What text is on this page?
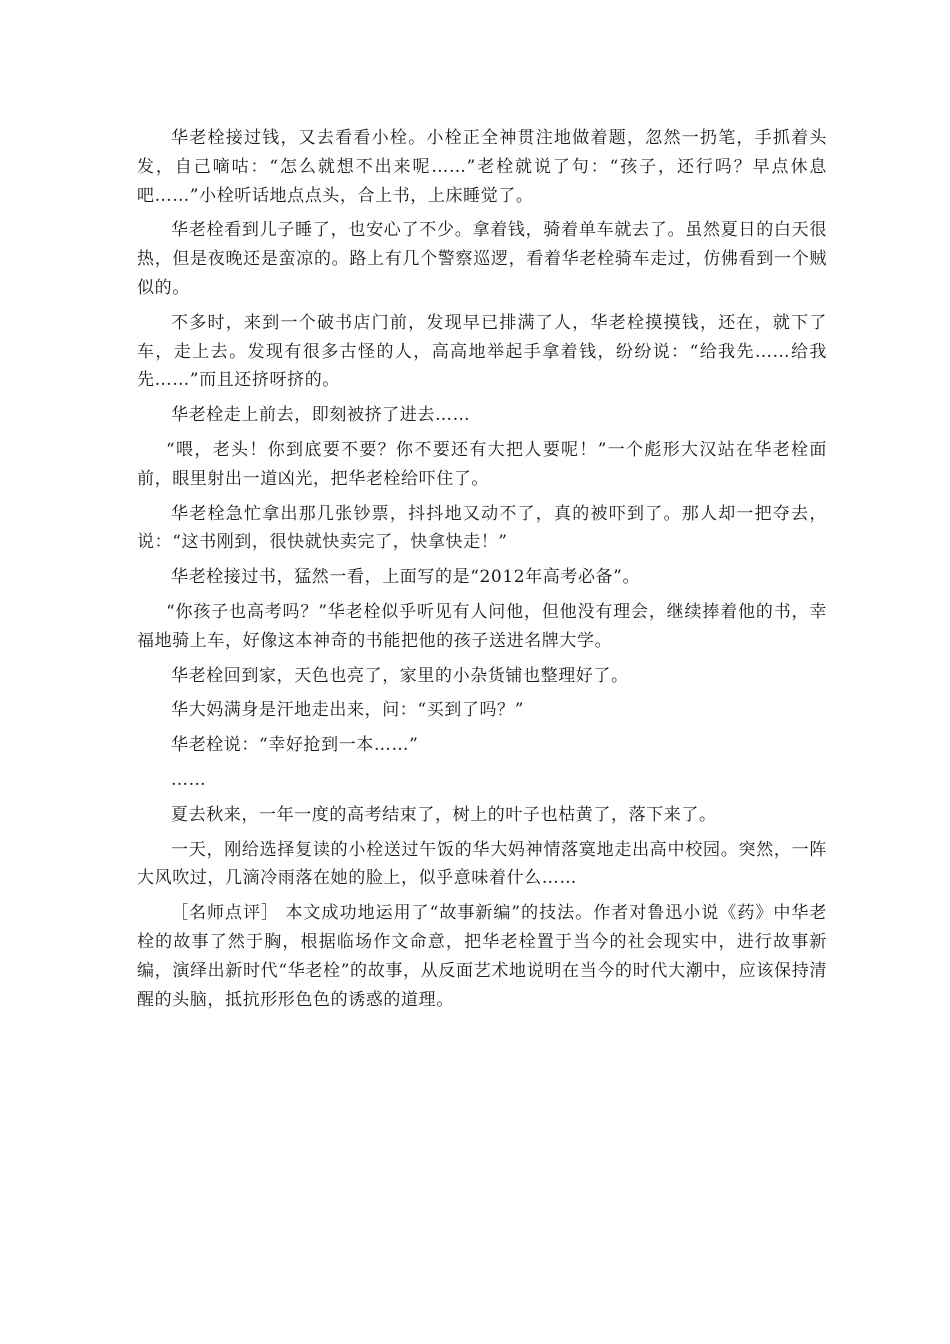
华老栓接过钱，又去看看小栓。小栓正全神贯注地做着题，忽然一扔笔，手抓着头发，自己嘀咕：“怎么就想不出来呢……”老栓就说了句：“孩子，还行吗？早点休息吧……”小栓听话地点点头，合上书，上床睡觉了。

华老栓看到儿子睡了，也安心了不少。拿着钱，骑着单车就去了。虽然夏日的白天很热，但是夜晚还是蛮凉的。路上有几个警察巡逻，看着华老栓骑车走过，仿佛看到一个贼似的。

不多时，来到一个破书店门前，发现早已排满了人，华老栓摸摸钱，还在，就下了车，走上去。发现有很多古怪的人，高高地举起手拿着钱，纷纷说：“给我先……给我先……”而且还挤呀挤的。

华老栓走上前去，即刻被挤了进去……

“喂，老头！你到底要不要？你不要还有大把人要呢！”一个彪形大汉站在华老栓面前，眼里射出一道凶光，把华老栓给吓住了。

华老栓急忙拿出那几张钞票，抖抖地又动不了，真的被吓到了。那人却一把夺去，说：“这书刚到，很快就快卖完了，快拿快走！”

华老栓接过书，猛然一看，上面写的是“2012年高考必备”。

“你孩子也高考吗？”华老栓似乎听见有人问他，但他没有理会，继续捧着他的书，幸福地骑上车，好像这本神奇的书能把他的孩子送进名牌大学。

华老栓回到家，天色也亮了，家里的小杂货铺也整理好了。

华大妈满身是汗地走出来，问：“买到了吗？”

华老栓说：“幸好抢到一本……”

……

夏去秋来，一年一度的高考结束了，树上的叶子也枯黄了，落下来了。

一天，刚给选择复读的小栓送过午饭的华大妈神情落寞地走出高中校园。突然，一阵大风吹过，几滴冷雨落在她的脸上，似乎意味着什么……

［名师点评］ 本文成功地运用了“故事新编”的技法。作者对鲁迅小说《药》中华老栓的故事了然于胸，根据临场作文命意，把华老栓置于当今的社会现实中，进行故事新编，演绎出新时代“华老栓”的故事，从反面艺术地说明在当今的时代大潮中，应该保持清醒的头脑，抵抗形形色色的诱惑的道理。
